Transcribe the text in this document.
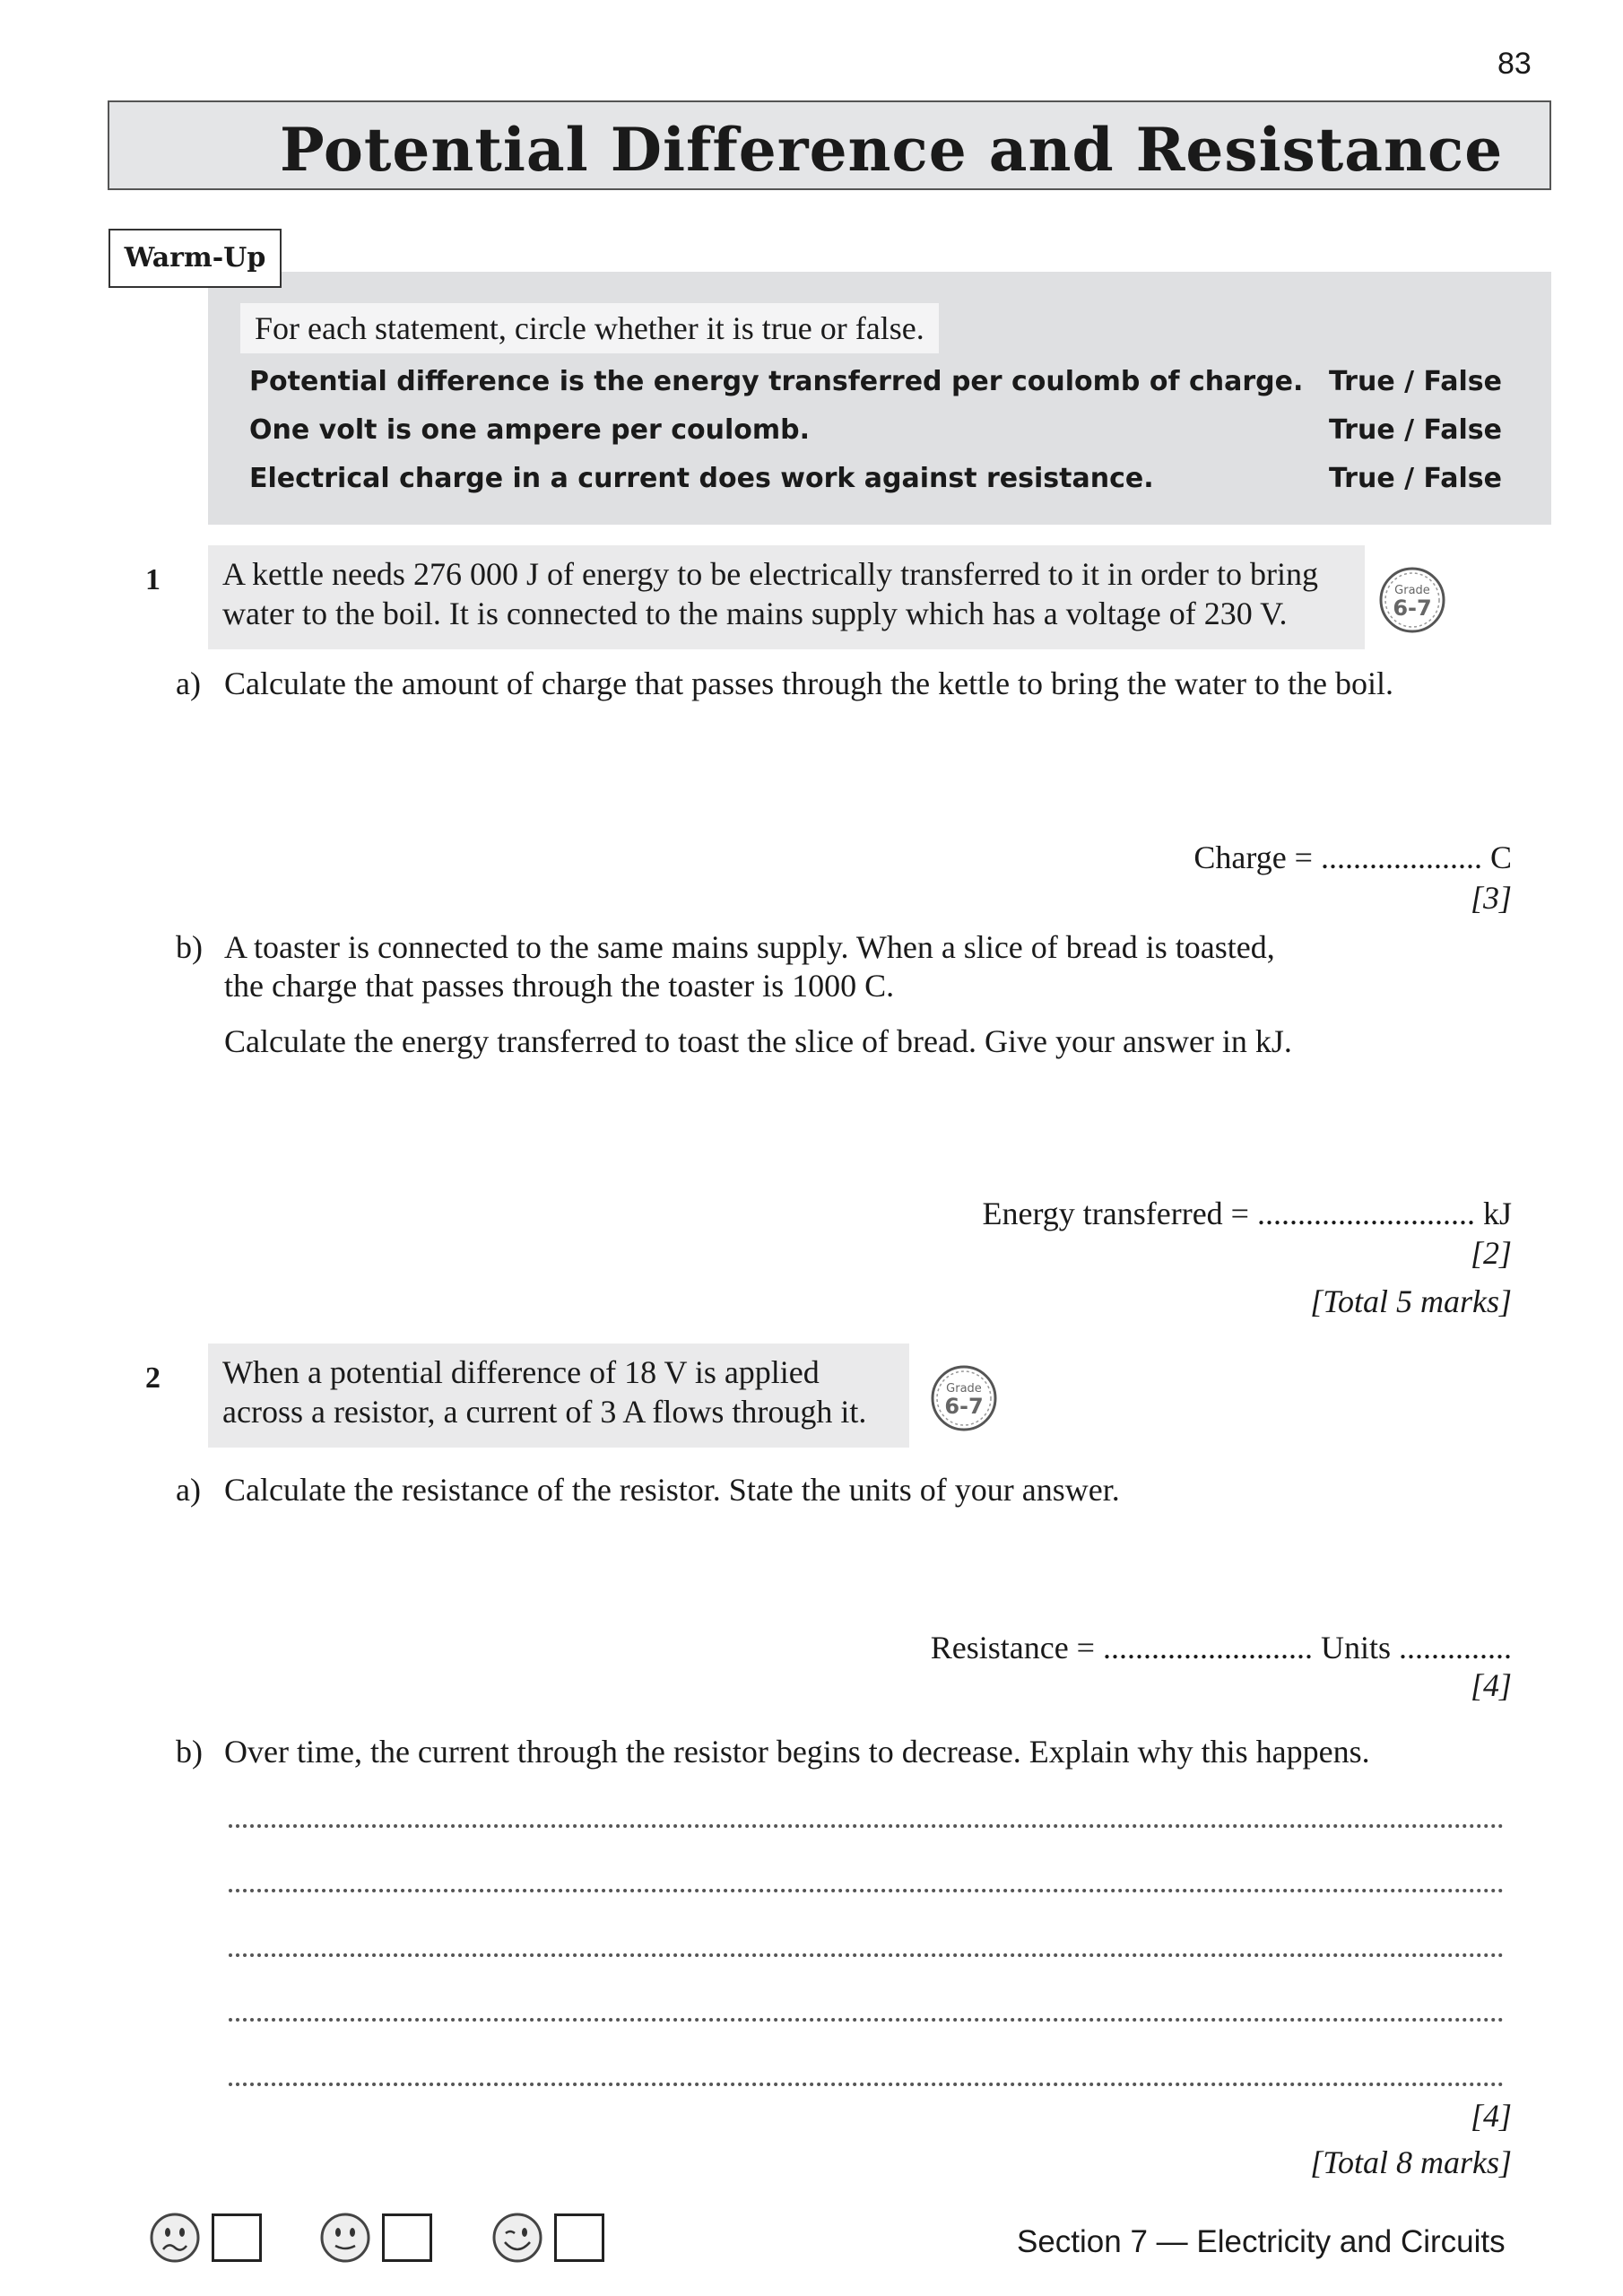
83
Potential Difference and Resistance
Warm-Up
For each statement, circle whether it is true or false.
Potential difference is the energy transferred per coulomb of charge. True / False
One volt is one ampere per coulomb.	True / False
Electrical charge in a current does work against resistance.	True / False
1 A kettle needs 276 000 J of energy to be electrically transferred to it in order to bring
water to the boil. It is connected to the mains supply which has a voltage of 230 V.
Grade
6-7
a) Calculate the amount of charge that passes through the kettle to bring the water to the boil.
Charge = .................... C
[3]
b) A toaster is connected to the same mains supply. When a slice of bread is toasted,
the charge that passes through the toaster is 1000 C.
Calculate the energy transferred to toast the slice of bread. Give your answer in kJ.
Energy transferred = ........................... kJ
[2]
[Total 5 marks]
2 When a potential difference of 18 V is applied
across a resistor, a current of 3 A flows through it.
Grade
6-7
a) Calculate the resistance of the resistor. State the units of your answer.
Resistance = .......................... Units ..............
[4]
b) Over time, the current through the resistor begins to decrease. Explain why this happens.
[4]
[Total 8 marks]
Section 7 — Electricity and Circuits
